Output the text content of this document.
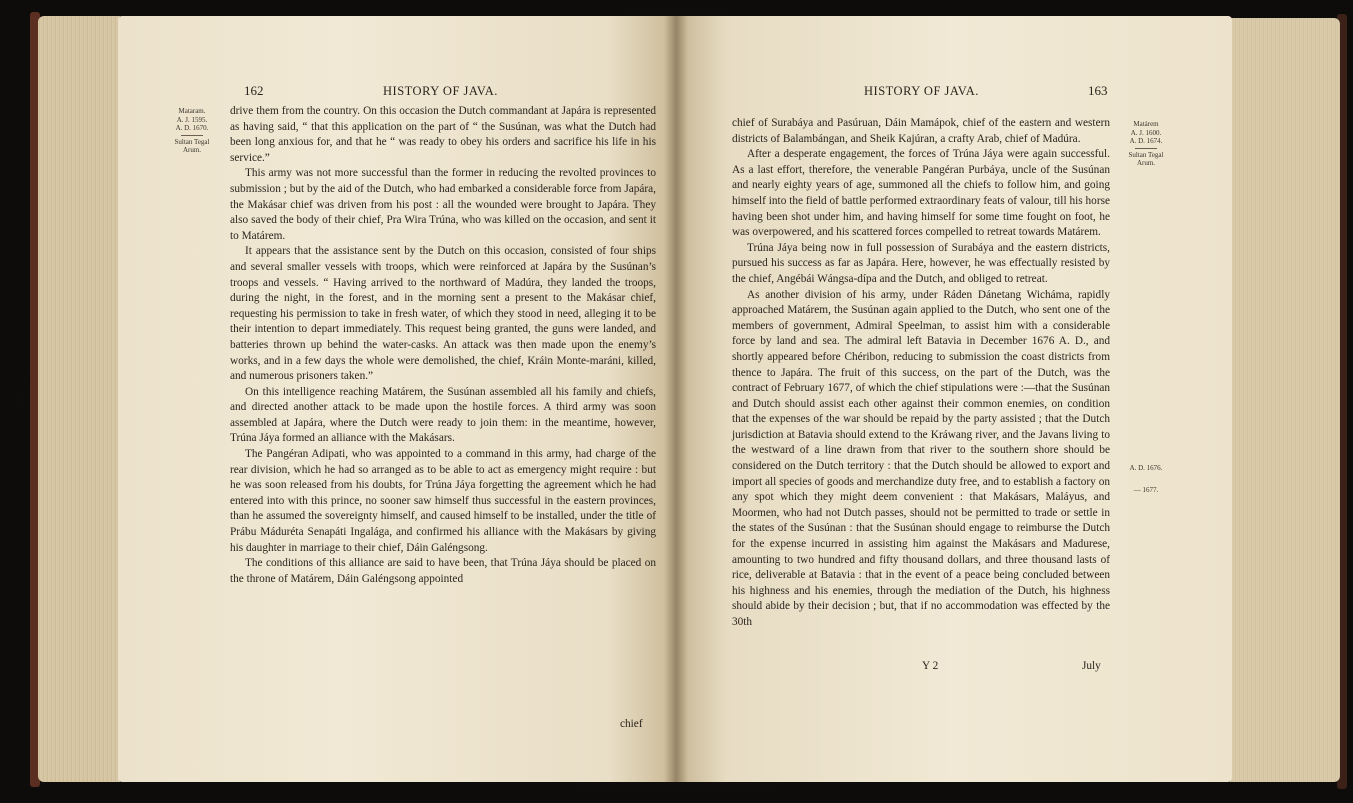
162	HISTORY OF JAVA.
Mataram.
A. J. 1595.
A. D. 1670.
Sultan Tegal
Arum.

drive them from the country. On this occasion the Dutch commandant at Japára is represented as having said, “ that this application on the part of “ the Susúnan, was what the Dutch had been long anxious for, and that he “ was ready to obey his orders and sacrifice his life in his service.”

This army was not more successful than the former in reducing the revolted provinces to submission ; but by the aid of the Dutch, who had embarked a considerable force from Japára, the Makásar chief was driven from his post : all the wounded were brought to Japára. They also saved the body of their chief, Pra Wira Trúna, who was killed on the occasion, and sent it to Matárem.

It appears that the assistance sent by the Dutch on this occasion, consisted of four ships and several smaller vessels with troops, which were reinforced at Japára by the Susúnan’s troops and vessels. “ Having arrived to the northward of Madúra, they landed the troops, during the night, in the forest, and in the morning sent a present to the Makásar chief, requesting his permission to take in fresh water, of which they stood in need, alleging it to be their intention to depart immediately. This request being granted, the guns were landed, and batteries thrown up behind the water-casks. An attack was then made upon the enemy’s works, and in a few days the whole were demolished, the chief, Kráin Monte-maráni, killed, and numerous prisoners taken.”

On this intelligence reaching Matárem, the Susúnan assembled all his family and chiefs, and directed another attack to be made upon the hostile forces. A third army was soon assembled at Japára, where the Dutch were ready to join them: in the meantime, however, Trúna Jáya formed an alliance with the Makásars.

The Pangéran Adipati, who was appointed to a command in this army, had charge of the rear division, which he had so arranged as to be able to act as emergency might require : but he was soon released from his doubts, for Trúna Jáya forgetting the agreement which he had entered into with this prince, no sooner saw himself thus successful in the eastern provinces, than he assumed the sovereignty himself, and caused himself to be installed, under the title of Prábu Máduréta Senapáti Ingalága, and confirmed his alliance with the Makásars by giving his daughter in marriage to their chief, Dáin Galéngsong.

The conditions of this alliance are said to have been, that Trúna Jáya should be placed on the throne of Matárem, Dáin Galéngsong appointed

chief
HISTORY OF JAVA.	163

chief of Surabáya and Pasúruan, Dáin Mamápok, chief of the eastern and western districts of Balambángan, and Sheik Kajúran, a crafty Arab, chief of Madúra.

After a desperate engagement, the forces of Trúna Jáya were again successful. As a last effort, therefore, the venerable Pangéran Purbáya, uncle of the Susúnan and nearly eighty years of age, summoned all the chiefs to follow him, and going himself into the field of battle performed extraordinary feats of valour, till his horse having been shot under him, and having himself for some time fought on foot, he was overpowered, and his scattered forces compelled to retreat towards Matárem.

Trúna Jáya being now in full possession of Surabáya and the eastern districts, pursued his success as far as Japára. Here, however, he was effectually resisted by the chief, Angébái Wángsa-dípa and the Dutch, and obliged to retreat.

As another division of his army, under Ráden Dánetang Wicháma, rapidly approached Matárem, the Susúnan again applied to the Dutch, who sent one of the members of government, Admiral Speelman, to assist him with a considerable force by land and sea. The admiral left Batavia in December 1676 A. D., and shortly appeared before Chéribon, reducing to submission the coast districts from thence to Japára. The fruit of this success, on the part of the Dutch, was the contract of February 1677, of which the chief stipulations were :—that the Susúnan and Dutch should assist each other against their common enemies, on condition that the expenses of the war should be repaid by the party assisted ; that the Dutch jurisdiction at Batavia should extend to the Kráwang river, and the Javans living to the westward of a line drawn from that river to the southern shore should be considered on the Dutch territory : that the Dutch should be allowed to export and import all species of goods and merchandize duty free, and to establish a factory on any spot which they might deem convenient : that Makásars, Maláyus, and Moormen, who had not Dutch passes, should not be permitted to trade or settle in the states of the Susúnan : that the Susúnan should engage to reimburse the Dutch for the expense incurred in assisting him against the Makásars and Madurese, amounting to two hundred and fifty thousand dollars, and three thousand lasts of rice, deliverable at Batavia : that in the event of a peace being concluded between his highness and his enemies, through the mediation of the Dutch, his highness should abide by their decision ; but, that if no accommodation was effected by the 30th

Y 2	July
Matárem
A. J. 1600.
A. D. 1674.
Sultan Tegal
Arum.
A. D. 1676.
— 1677.
